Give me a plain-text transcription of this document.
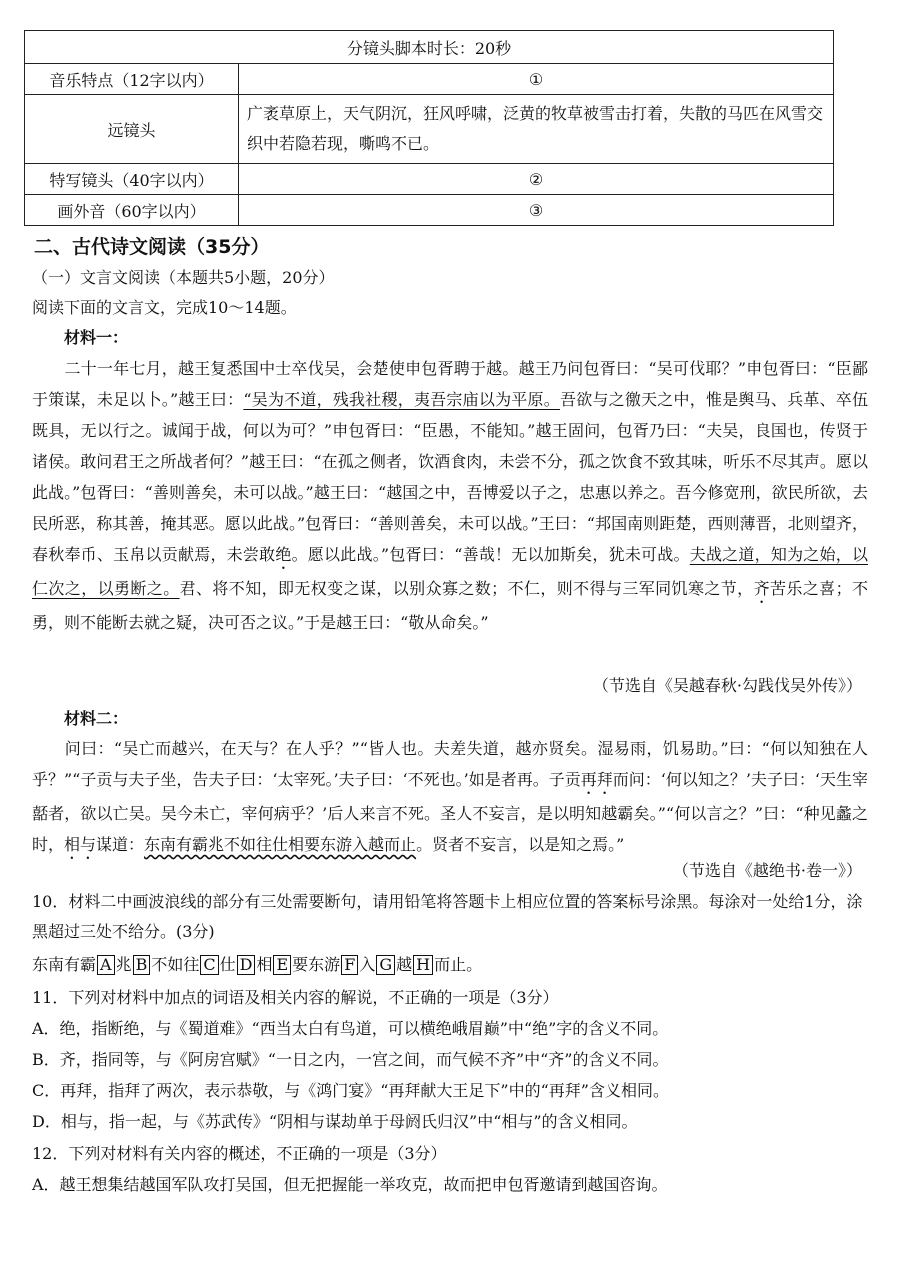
分镜头脚本时长：20秒	
音乐特点（12字以内）	①
远镜头	广袤草原上，天气阴沉，狂风呼啸，泛黄的牧草被雪击打着，失散的马匹在风雪交织中若隐若现，嘶鸣不已。
特写镜头（40字以内）	②
画外音（60字以内）	③
二、古代诗文阅读（35分）
（一）文言文阅读（本题共5小题，20分）
阅读下面的文言文，完成10～14题。
材料一：
　　二十一年七月，越王复悉国中士卒伐吴，会楚使申包胥聘于越。越王乃问包胥曰：“吴可伐耶？”申包胥曰：“臣鄙于策谋，未足以卜。”越王曰：“吴为不道，残我社稷，夷吾宗庙以为平原。吾欲与之徼天之中，惟是舆马、兵革、卒伍既具，无以行之。诚闻于战，何以为可？”申包胥曰：“臣愚，不能知。”越王固问，包胥乃曰：“夫吴，良国也，传贤于诸侯。敢问君王之所战者何？”越王曰：“在孤之侧者，饮酒食肉，未尝不分，孤之饮食不致其味，听乐不尽其声。愿以此战。”包胥曰：“善则善矣，未可以战。”越王曰：“越国之中，吾博爱以子之，忠惠以养之。吾今修宽刑，欲民所欲，去民所恶，称其善，掩其恶。愿以此战。”包胥曰：“善则善矣，未可以战。”王曰：“邦国南则距楚，西则薄晋，北则望齐，春秋奉币、玉帛以贡献焉，未尝敢绝。愿以此战。”包胥曰：“善哉！无以加斯矣，犹未可战。夫战之道，知为之始，以仁次之，以勇断之。君、将不知，即无权变之谋，以别众寡之数；不仁，则不得与三军同饥寒之节，齐苦乐之喜；不勇，则不能断去就之疑，决可否之议。”于是越王曰：“敬从命矣。”
（节选自《吴越春秋·勾践伐吴外传》）
材料二：
　　问曰：“吴亡而越兴，在天与？在人乎？”“皆人也。夫差失道，越亦贤矣。湿易雨，饥易助。”曰：“何以知独在人乎？”“子贡与夫子坐，告夫子曰：‘太宰死。’夫子曰：‘不死也。’如是者再。子贡再拜而问：‘何以知之？’夫子曰：‘天生宰嚭者，欲以亡吴。吴今未亡，宰何病乎？’后人来言不死。圣人不妄言，是以明知越霸矣。”“何以言之？”曰：“种见蠡之时，相与谋道：东南有霸兆不如往仕相要东游入越而止。贤者不妄言，以是知之焉。”
（节选自《越绝书·卷一》）
10．材料二中画波浪线的部分有三处需要断句，请用铅笔将答题卡上相应位置的答案标号涂黑。每涂对一处给1分，涂黑超过三处不给分。(3分)
东南有霸 A 兆 B 不如往 C 仕 D 相 E 要东游 F 入 G 越 H 而止。
11．下列对材料中加点的词语及相关内容的解说，不正确的一项是（3分）
A．绝，指断绝，与《蜀道难》“西当太白有鸟道，可以横绝峨眉巅”中“绝”字的含义不同。
B．齐，指同等，与《阿房宫赋》“一日之内，一宫之间，而气候不齐”中“齐”的含义不同。
C．再拜，指拜了两次，表示恭敬，与《鸿门宴》“再拜献大王足下”中的“再拜”含义相同。
D．相与，指一起，与《苏武传》“阴相与谋劫单于母阏氏归汉”中“相与”的含义相同。
12．下列对材料有关内容的概述，不正确的一项是（3分）
A．越王想集结越国军队攻打吴国，但无把握能一举攻克，故而把申包胥邀请到越国咨询。
